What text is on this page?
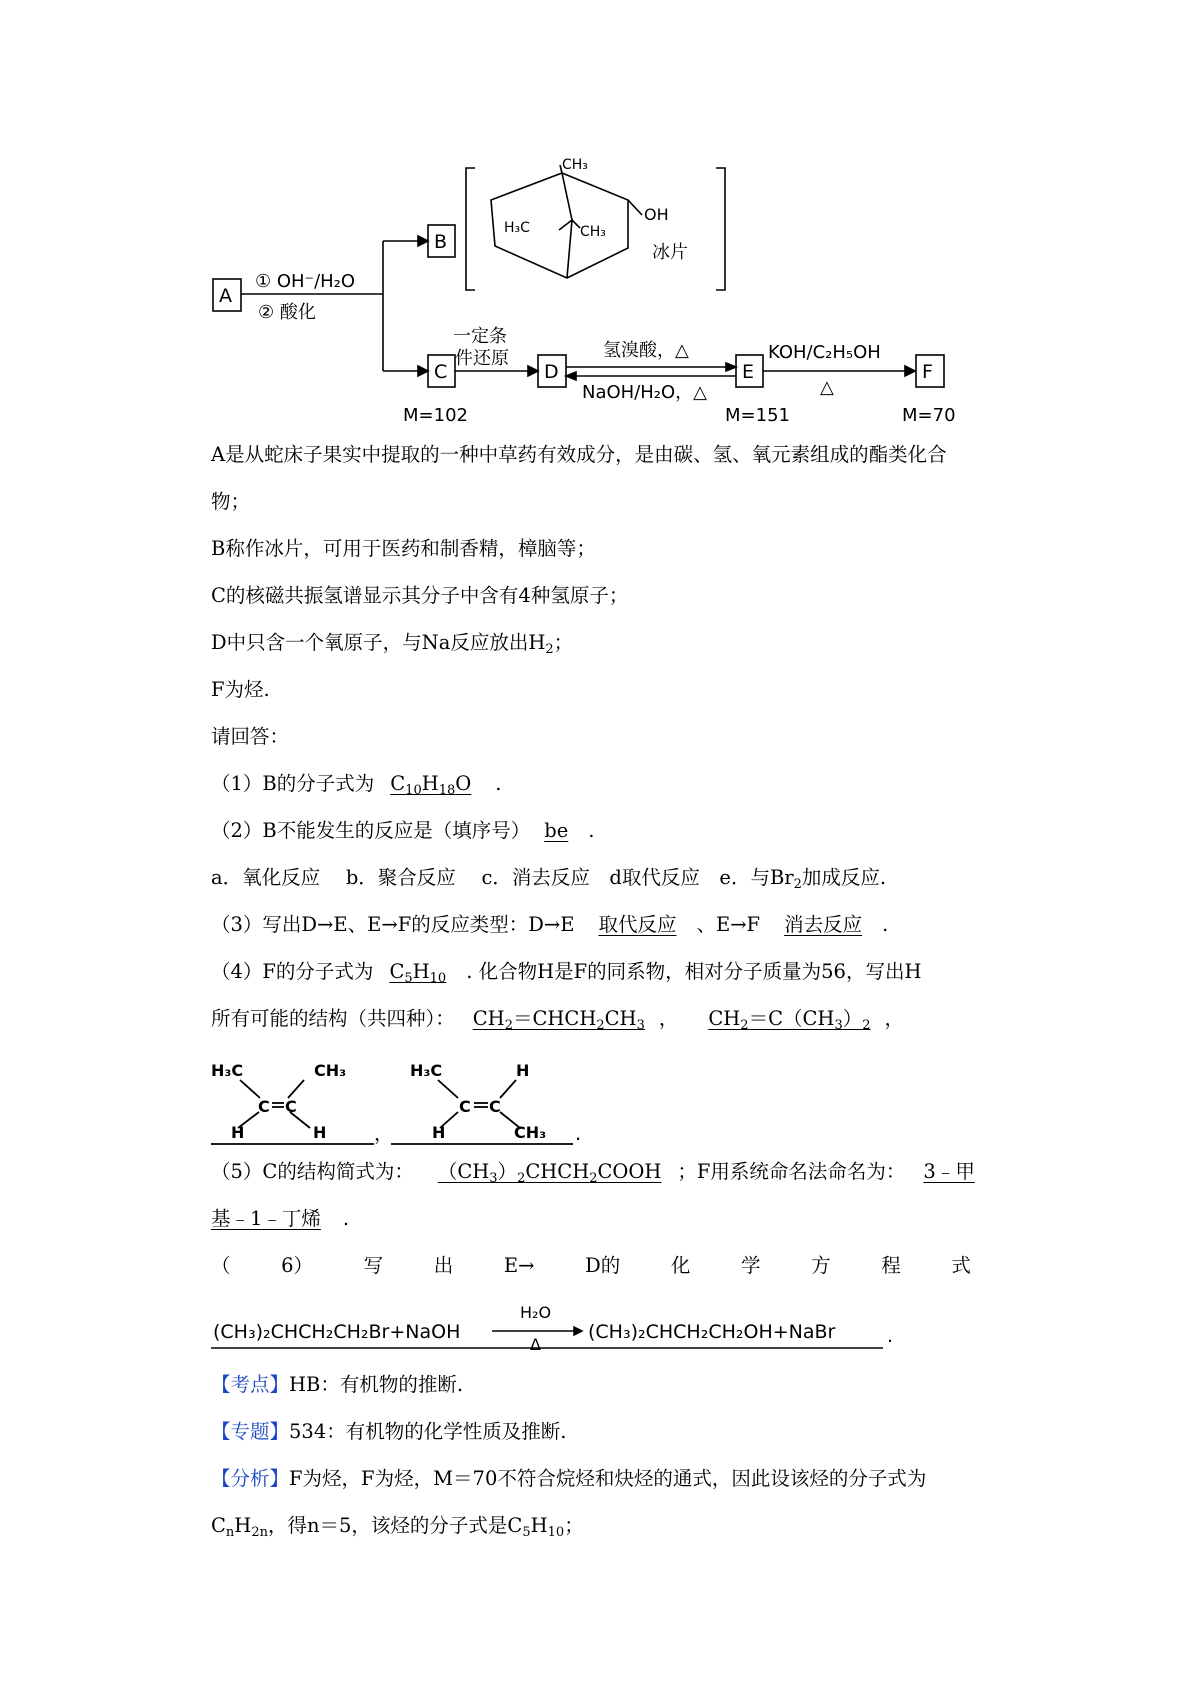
A
B
C	D	E	F
① OH⁻/H₂O
② 酸化
一定条
件还原	氢溴酸，△
NaOH/H₂O，△
KOH/C₂H₅OH
△
M=102	M=151	M=70
CH₃
H₃C	CH₃
OH
冰片
A是从蛇床子果实中提取的一种中草药有效成分，是由碳、氢、氧元素组成的酯类化合
物；
B称作冰片，可用于医药和制香精，樟脑等；
C的核磁共振氢谱显示其分子中含有4种氢原子；
D中只含一个氧原子，与Na反应放出$H_2$；
F为烃.
请回答：
（1）B的分子式为 $C_{10}H_{18}O$ .
（2）B不能发生的反应是（填序号） be .
a．氧化反应　 b．聚合反应　 c．消去反应　d取代反应　e．与$Br_2$加成反应.
（3）写出D→E、E→F的反应类型：D→E 取代反应 、E→F 消去反应 .
（4）F的分子式为 $C_5H_{10}$ . 化合物H是F的同系物，相对分子质量为56，写出H
所有可能的结构（共四种）： $CH_2=CHCH_2CH_3$ ， $CH_2=C(CH_3)_2$ ，
H₃C	CH₃
C C
H	H
H₃C	H
C C
H	CH₃
，	.
（5）C的结构简式为： $(CH_3)_2CHCH_2COOH$ ；F用系统命名法命名为： 3﹣甲
基﹣1﹣丁烯 .
（	6）	写	出	E→	D的	化	学	方	程	式
(CH₃)₂CHCH₂CH₂Br+NaOH
H₂O
Δ
(CH₃)₂CHCH₂CH₂OH+NaBr	.
【考点】HB：有机物的推断.
【专题】534：有机物的化学性质及推断.
【分析】F为烃，F为烃，M＝70不符合烷烃和炔烃的通式，因此设该烃的分子式为
$C_nH_{2n}$，得n＝5，该烃的分子式是$C_5H_{10}$；
